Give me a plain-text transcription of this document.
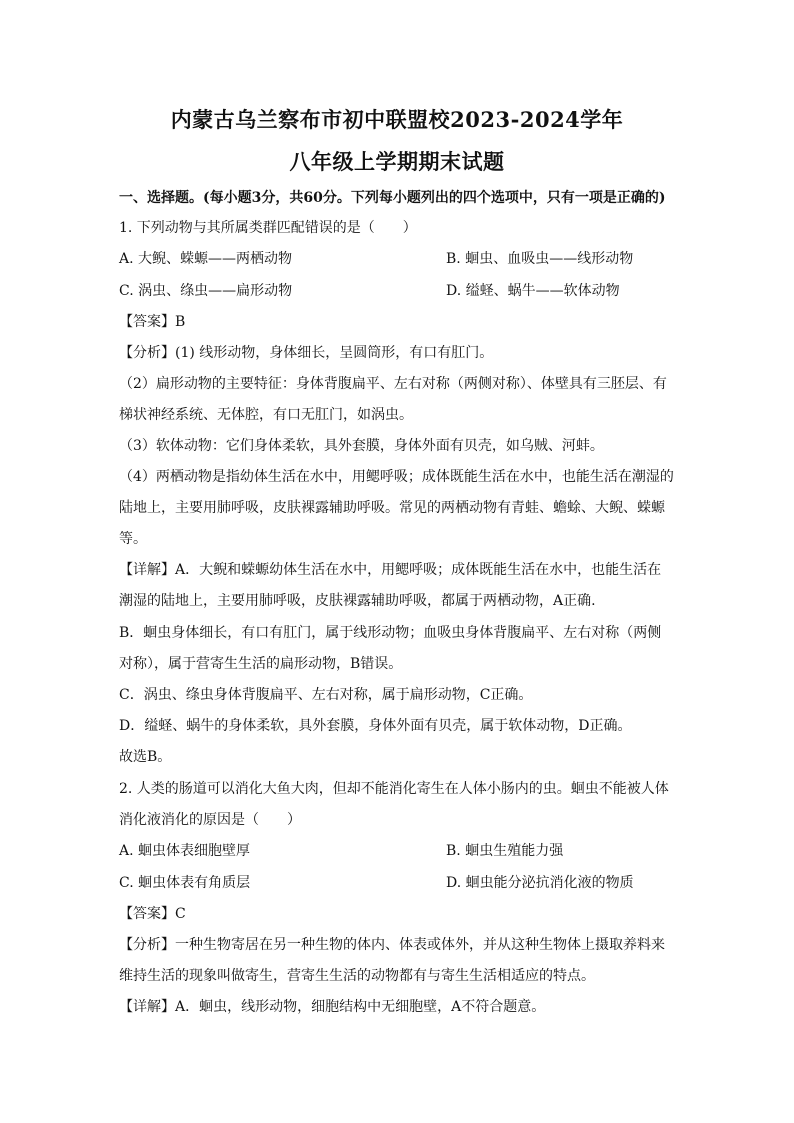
内蒙古乌兰察布市初中联盟校2023-2024学年
八年级上学期期末试题
一、选择题。(每小题3分，共60分。下列每小题列出的四个选项中，只有一项是正确的)
1. 下列动物与其所属类群匹配错误的是（　　）
A. 大鲵、蝾螈——两栖动物	B. 蛔虫、血吸虫——线形动物
C. 涡虫、绦虫——扁形动物	D. 缢蛏、蜗牛——软体动物
【答案】B
【分析】(1) 线形动物，身体细长，呈圆筒形，有口有肛门。
（2）扁形动物的主要特征：身体背腹扁平、左右对称（两侧对称）、体壁具有三胚层、有
梯状神经系统、无体腔，有口无肛门，如涡虫。
（3）软体动物：它们身体柔软，具外套膜，身体外面有贝壳，如乌贼、河蚌。
（4）两栖动物是指幼体生活在水中，用鳃呼吸；成体既能生活在水中，也能生活在潮湿的
陆地上，主要用肺呼吸，皮肤裸露辅助呼吸。常见的两栖动物有青蛙、蟾蜍、大鲵、蝾螈
等。
【详解】A．大鲵和蝾螈幼体生活在水中，用鳃呼吸；成体既能生活在水中，也能生活在
潮湿的陆地上，主要用肺呼吸，皮肤裸露辅助呼吸，都属于两栖动物，A正确.
B．蛔虫身体细长，有口有肛门，属于线形动物；血吸虫身体背腹扁平、左右对称（两侧
对称），属于营寄生生活的扁形动物，B错误。
C．涡虫、绦虫身体背腹扁平、左右对称，属于扁形动物，C正确。
D．缢蛏、蜗牛的身体柔软，具外套膜，身体外面有贝壳，属于软体动物，D正确。
故选B。
2. 人类的肠道可以消化大鱼大肉，但却不能消化寄生在人体小肠内的虫。蛔虫不能被人体
消化液消化的原因是（　　）
A. 蛔虫体表细胞壁厚	B. 蛔虫生殖能力强
C. 蛔虫体表有角质层	D. 蛔虫能分泌抗消化液的物质
【答案】C
【分析】一种生物寄居在另一种生物的体内、体表或体外，并从这种生物体上摄取养料来
维持生活的现象叫做寄生，营寄生生活的动物都有与寄生生活相适应的特点。
【详解】A．蛔虫，线形动物，细胞结构中无细胞壁，A不符合题意。
